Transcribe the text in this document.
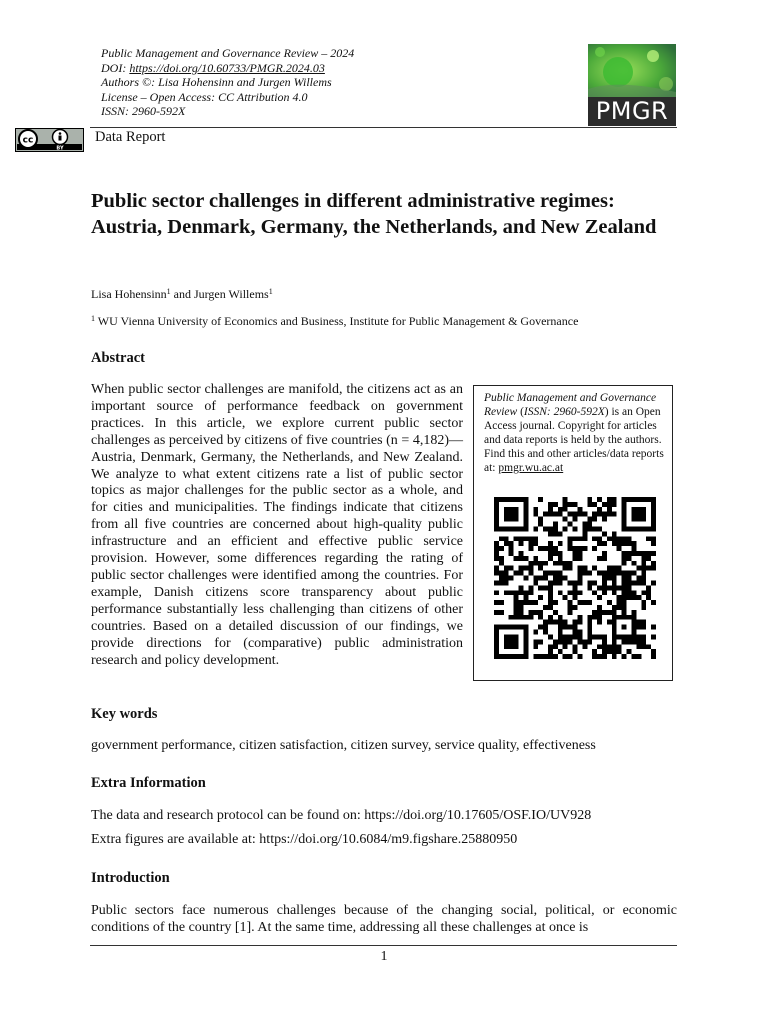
Public Management and Governance Review – 2024
DOI: https://doi.org/10.60733/PMGR.2024.03
Authors ©: Lisa Hohensinn and Jurgen Willems
License – Open Access: CC Attribution 4.0
ISSN: 2960-592X	PMGR
cc
BY
Data Report
Public sector challenges in different administrative regimes: Austria, Denmark, Germany, the Netherlands, and New Zealand
Lisa Hohensinn$^1$ and Jurgen Willems$^1$
$^1$ WU Vienna University of Economics and Business, Institute for Public Management & Governance
Abstract

When public sector challenges are manifold, the citizens act as an important source of performance feedback on government practices. In this article, we explore current public sector challenges as perceived by citizens of five countries (n = 4,182)—Austria, Denmark, Germany, the Netherlands, and New Zealand. We analyze to what extent citizens rate a list of public sector topics as major challenges for the public sector as a whole, and for cities and municipalities. The findings indicate that citizens from all five countries are concerned about high-quality public infrastructure and an efficient and effective public service provision. However, some differences regarding the rating of public sector challenges were identified among the countries. For example, Danish citizens score transparency about public performance substantially less challenging than citizens of other countries. Based on a detailed discussion of our findings, we provide directions for (comparative) public administration research and policy development.

Public Management and Governance Review (ISSN: 2960-592X) is an Open Access journal. Copyright for articles and data reports is held by the authors. Find this and other articles/data reports at: pmgr.wu.ac.at

Key words

government performance, citizen satisfaction, citizen survey, service quality, effectiveness

Extra Information

The data and research protocol can be found on: https://doi.org/10.17605/OSF.IO/UV928

Extra figures are available at: https://doi.org/10.6084/m9.figshare.25880950

Introduction

Public sectors face numerous challenges because of the changing social, political, or economic conditions of the country [1]. At the same time, addressing all these challenges at once is

1
